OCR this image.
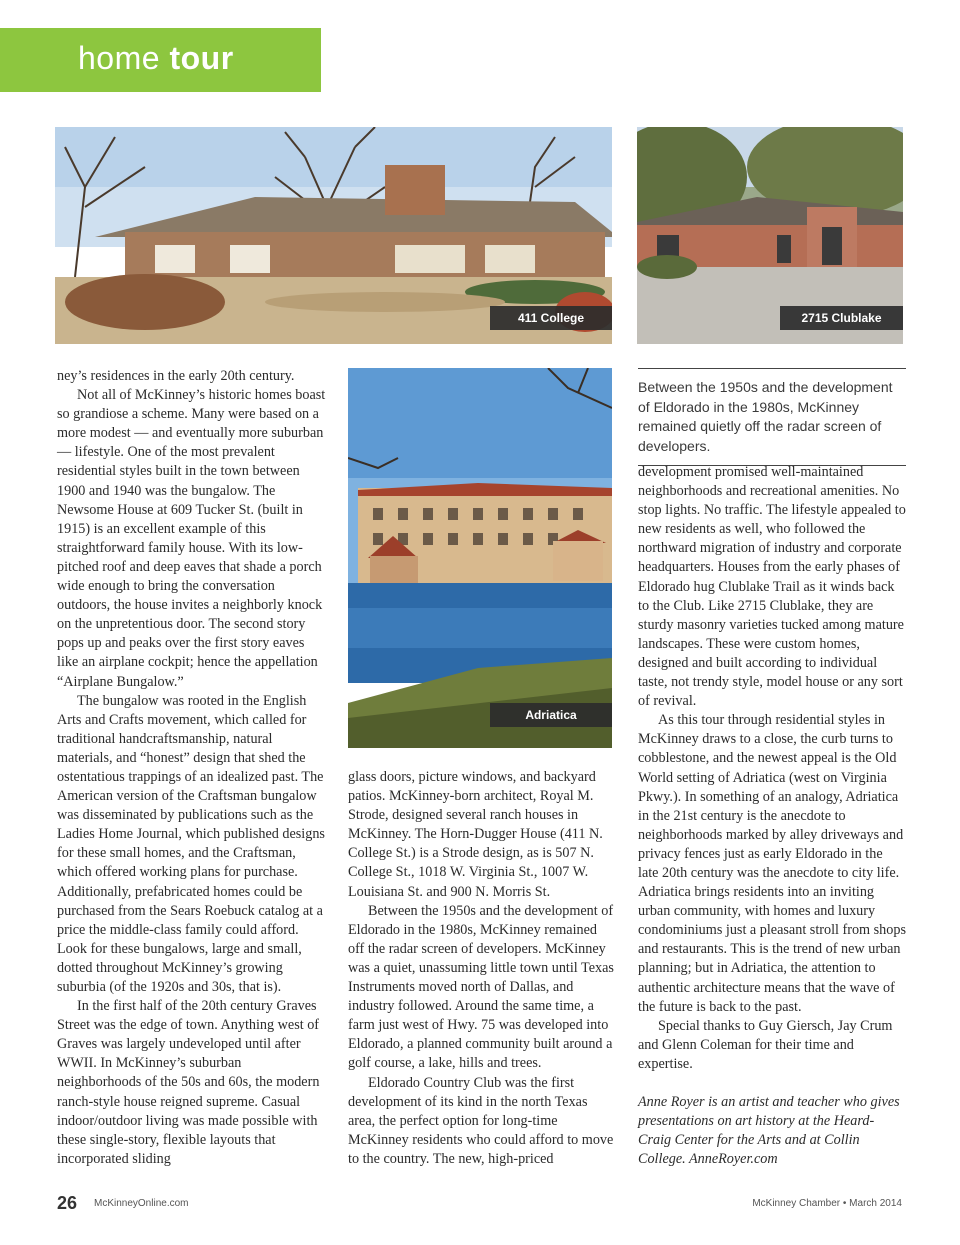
home tour
411 College	2715 Clublake
Adriatica
Between the 1950s and the development of Eldorado in the 1980s, McKinney remained quietly off the radar screen of developers.

ney’s residences in the early 20th century.

Not all of McKinney’s historic homes boast so grandiose a scheme. Many were based on a more modest — and eventually more suburban — lifestyle. One of the most prevalent residential styles built in the town between 1900 and 1940 was the bungalow. The Newsome House at 609 Tucker St. (built in 1915) is an excellent example of this straightforward family house. With its low-pitched roof and deep eaves that shade a porch wide enough to bring the conversation outdoors, the house invites a neighborly knock on the unpretentious door. The second story pops up and peaks over the first story eaves like an airplane cockpit; hence the appellation “Airplane Bungalow.”

The bungalow was rooted in the English Arts and Crafts movement, which called for traditional handcraftsmanship, natural materials, and “honest” design that shed the ostentatious trappings of an idealized past. The American version of the Craftsman bungalow was disseminated by publications such as the Ladies Home Journal, which published designs for these small homes, and the Craftsman, which offered working plans for purchase. Additionally, prefabricated homes could be purchased from the Sears Roebuck catalog at a price the middle-class family could afford. Look for these bungalows, large and small, dotted throughout McKinney’s growing suburbia (of the 1920s and 30s, that is).

In the first half of the 20th century Graves Street was the edge of town. Anything west of Graves was largely undeveloped until after WWII. In McKinney’s suburban neighborhoods of the 50s and 60s, the modern ranch-style house reigned supreme. Casual indoor/outdoor living was made possible with these single-story, flexible layouts that incorporated sliding

glass doors, picture windows, and backyard patios. McKinney-born architect, Royal M. Strode, designed several ranch houses in McKinney. The Horn-Dugger House (411 N. College St.) is a Strode design, as is 507 N. College St., 1018 W. Virginia St., 1007 W. Louisiana St. and 900 N. Morris St.

Between the 1950s and the development of Eldorado in the 1980s, McKinney remained off the radar screen of developers. McKinney was a quiet, unassuming little town until Texas Instruments moved north of Dallas, and industry followed. Around the same time, a farm just west of Hwy. 75 was developed into Eldorado, a planned community built around a golf course, a lake, hills and trees.

Eldorado Country Club was the first development of its kind in the north Texas area, the perfect option for long-time McKinney residents who could afford to move to the country. The new, high-priced

development promised well-maintained neighborhoods and recreational amenities. No stop lights. No traffic. The lifestyle appealed to new residents as well, who followed the northward migration of industry and corporate headquarters. Houses from the early phases of Eldorado hug Clublake Trail as it winds back to the Club. Like 2715 Clublake, they are sturdy masonry varieties tucked among mature landscapes. These were custom homes, designed and built according to individual taste, not trendy style, model house or any sort of revival.

As this tour through residential styles in McKinney draws to a close, the curb turns to cobblestone, and the newest appeal is the Old World setting of Adriatica (west on Virginia Pkwy.). In something of an analogy, Adriatica in the 21st century is the anecdote to neighborhoods marked by alley driveways and privacy fences just as early Eldorado in the late 20th century was the anecdote to city life. Adriatica brings residents into an inviting urban community, with homes and luxury condominiums just a pleasant stroll from shops and restaurants. This is the trend of new urban planning; but in Adriatica, the attention to authentic architecture means that the wave of the future is back to the past.

Special thanks to Guy Giersch, Jay Crum and Glenn Coleman for their time and expertise.

Anne Royer is an artist and teacher who gives presentations on art history at the Heard-Craig Center for the Arts and at Collin College. AnneRoyer.com

26 McKinneyOnline.com	McKinney Chamber • March 2014
